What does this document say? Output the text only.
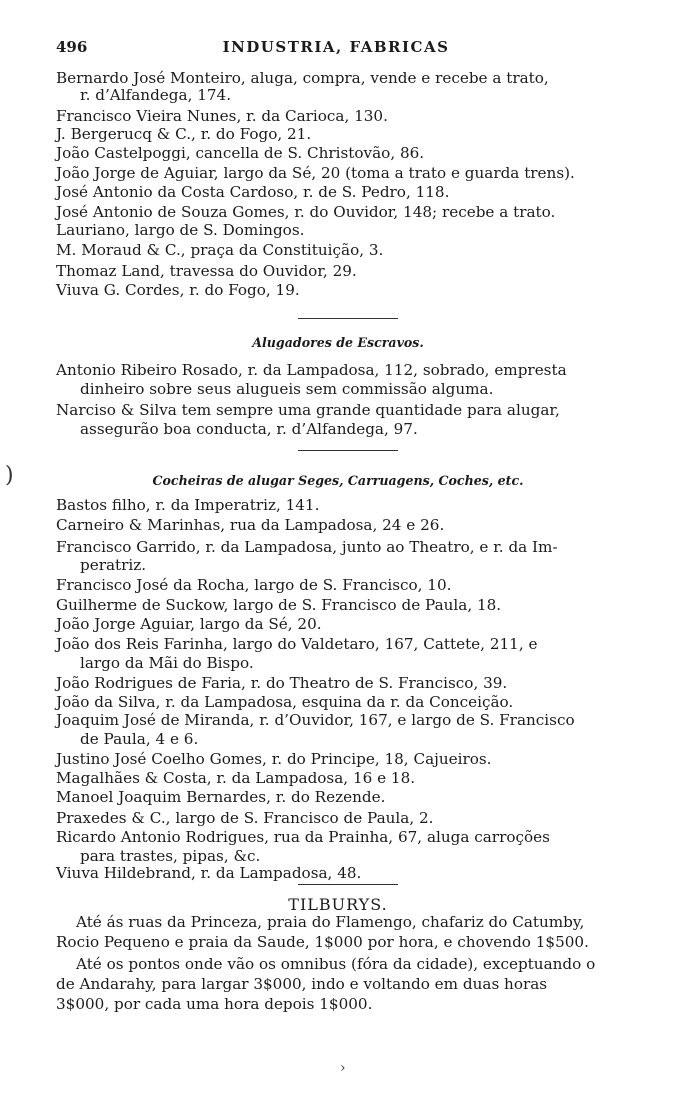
496	INDUSTRIA, FABRICAS
Alugadores de Escravos.
Cocheiras de alugar Seges, Carruagens, Coches, etc.
TILBURYS.
)
›
Bernardo José Monteiro, aluga, compra, vende e recebe a trato,
r. d’Alfandega, 174.
Francisco Vieira Nunes, r. da Carioca, 130.
J. Bergerucq & C., r. do Fogo, 21.
João Castelpoggi, cancella de S. Christovão, 86.
João Jorge de Aguiar, largo da Sé, 20 (toma a trato e guarda trens).
José Antonio da Costa Cardoso, r. de S. Pedro, 118.
José Antonio de Souza Gomes, r. do Ouvidor, 148; recebe a trato.
Lauriano, largo de S. Domingos.
M. Moraud & C., praça da Constituição, 3.
Thomaz Land, travessa do Ouvidor, 29.
Viuva G. Cordes, r. do Fogo, 19.
Antonio Ribeiro Rosado, r. da Lampadosa, 112, sobrado, empresta
dinheiro sobre seus alugueis sem commissão alguma.
Narciso & Silva tem sempre uma grande quantidade para alugar,
assegurão boa conducta, r. d’Alfandega, 97.
Bastos filho, r. da Imperatriz, 141.
Carneiro & Marinhas, rua da Lampadosa, 24 e 26.
Francisco Garrido, r. da Lampadosa, junto ao Theatro, e r. da Im-
peratriz.
Francisco José da Rocha, largo de S. Francisco, 10.
Guilherme de Suckow, largo de S. Francisco de Paula, 18.
João Jorge Aguiar, largo da Sé, 20.
João dos Reis Farinha, largo do Valdetaro, 167, Cattete, 211, e
largo da Mãi do Bispo.
João Rodrigues de Faria, r. do Theatro de S. Francisco, 39.
João da Silva, r. da Lampadosa, esquina da r. da Conceição.
Joaquim José de Miranda, r. d’Ouvidor, 167, e largo de S. Francisco
de Paula, 4 e 6.
Justino José Coelho Gomes, r. do Principe, 18, Cajueiros.
Magalhães & Costa, r. da Lampadosa, 16 e 18.
Manoel Joaquim Bernardes, r. do Rezende.
Praxedes & C., largo de S. Francisco de Paula, 2.
Ricardo Antonio Rodrigues, rua da Prainha, 67, aluga carroções
para trastes, pipas, &c.
Viuva Hildebrand, r. da Lampadosa, 48.
Até ás ruas da Princeza, praia do Flamengo, chafariz do Catumby,
Rocio Pequeno e praia da Saude, 1$000 por hora, e chovendo 1$500.
Até os pontos onde vão os omnibus (fóra da cidade), exceptuando o
de Andarahy, para largar 3$000, indo e voltando em duas horas
3$000, por cada uma hora depois 1$000.
